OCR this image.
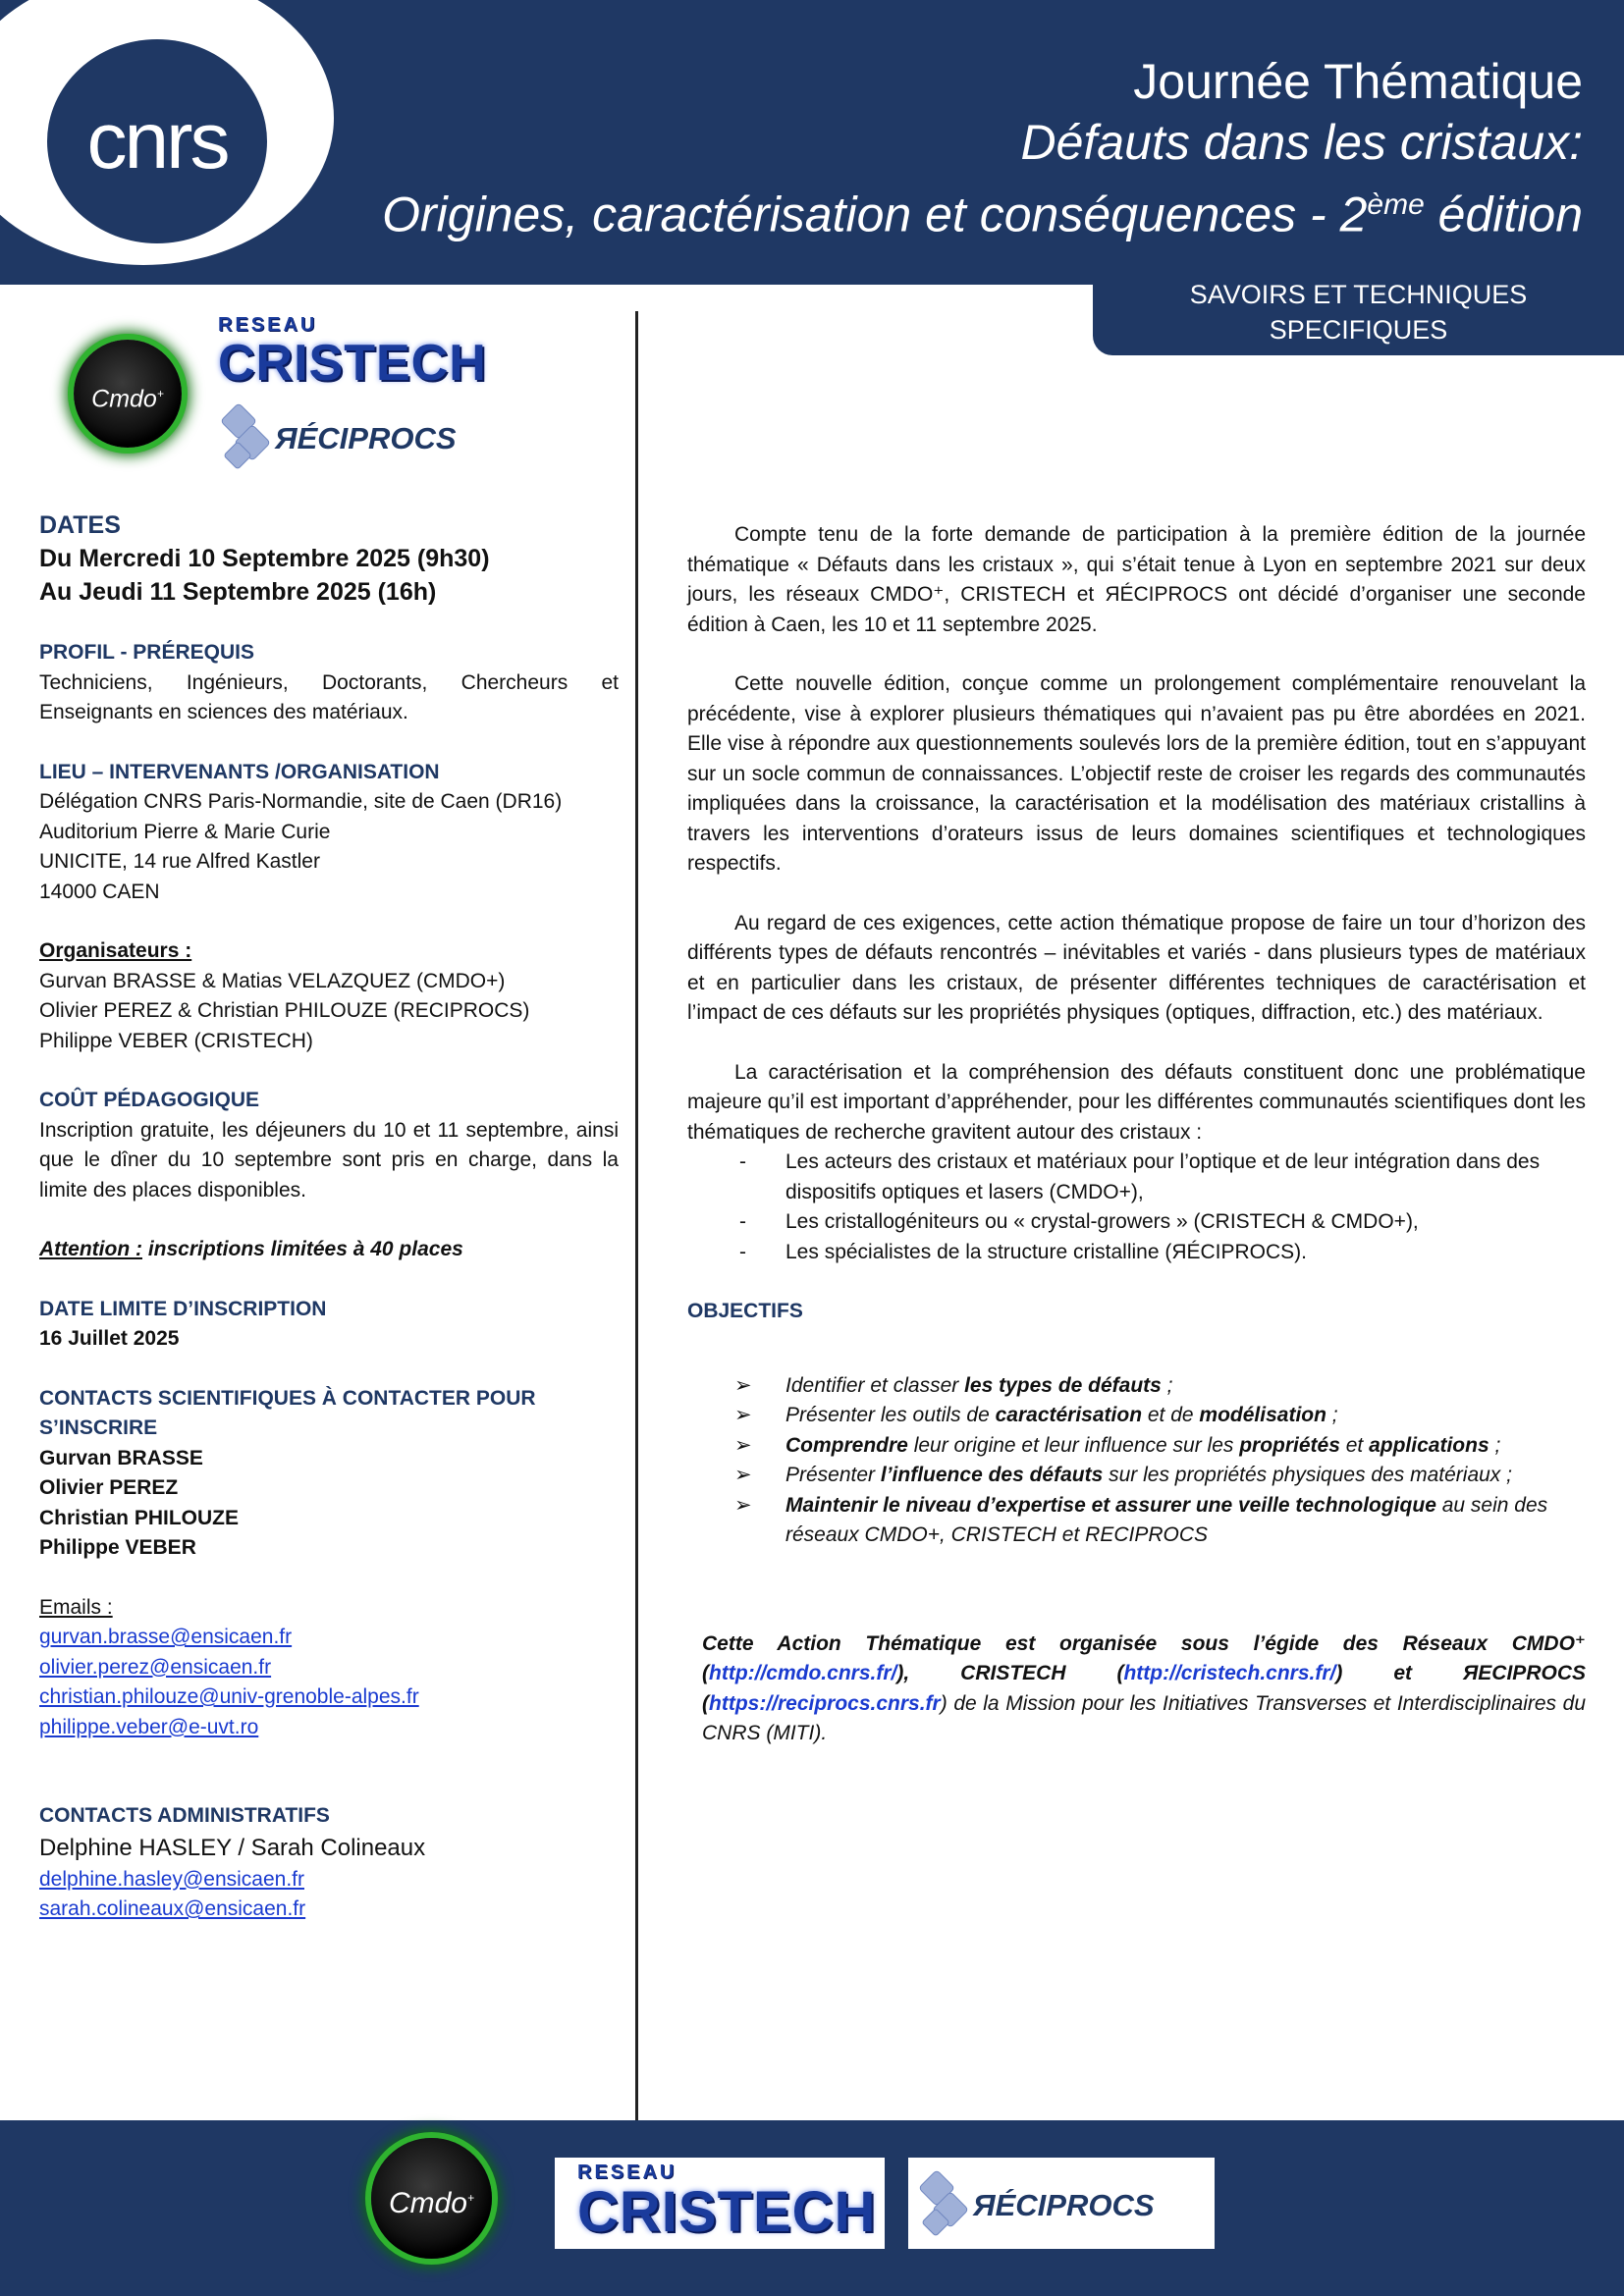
cnrs
Journée Thématique
Défauts dans les cristaux:
Origines, caractérisation et conséquences - 2ème édition
SAVOIRS ET TECHNIQUES
SPECIFIQUES
Cmdo+
RESEAU
CRISTECH
ЯÉCIPROCS
DATES
Du Mercredi 10 Septembre 2025 (9h30)
Au Jeudi 11 Septembre 2025 (16h)
PROFIL - PRÉREQUIS
Techniciens, Ingénieurs, Doctorants, Chercheurs et Enseignants en sciences des matériaux.
LIEU – INTERVENANTS /ORGANISATION
Délégation CNRS Paris-Normandie, site de Caen (DR16)
Auditorium Pierre & Marie Curie
UNICITE, 14 rue Alfred Kastler
14000 CAEN
Organisateurs :
Gurvan BRASSE & Matias VELAZQUEZ (CMDO+)
Olivier PEREZ & Christian PHILOUZE (RECIPROCS)
Philippe VEBER (CRISTECH)
COÛT PÉDAGOGIQUE
Inscription gratuite, les déjeuners du 10 et 11 septembre, ainsi que le dîner du 10 septembre sont pris en charge, dans la limite des places disponibles.
Attention : inscriptions limitées à 40 places
DATE LIMITE D’INSCRIPTION
16 Juillet 2025
CONTACTS SCIENTIFIQUES À CONTACTER POUR
S’INSCRIRE
Gurvan BRASSE
Olivier PEREZ
Christian PHILOUZE
Philippe VEBER
Emails :
gurvan.brasse@ensicaen.fr
olivier.perez@ensicaen.fr
christian.philouze@univ-grenoble-alpes.fr
philippe.veber@e-uvt.ro
CONTACTS ADMINISTRATIFS
Delphine HASLEY / Sarah Colineaux
delphine.hasley@ensicaen.fr
sarah.colineaux@ensicaen.fr

Compte tenu de la forte demande de participation à la première édition de la journée thématique « Défauts dans les cristaux », qui s’était tenue à Lyon en septembre 2021 sur deux jours, les réseaux CMDO⁺, CRISTECH et ЯÉCIPROCS ont décidé d’organiser une seconde édition à Caen, les 10 et 11 septembre 2025.

Cette nouvelle édition, conçue comme un prolongement complémentaire renouvelant la précédente, vise à explorer plusieurs thématiques qui n’avaient pas pu être abordées en 2021. Elle vise à répondre aux questionnements soulevés lors de la première édition, tout en s’appuyant sur un socle commun de connaissances. L’objectif reste de croiser les regards des communautés impliquées dans la croissance, la caractérisation et la modélisation des matériaux cristallins à travers les interventions d’orateurs issus de leurs domaines scientifiques et technologiques respectifs.

Au regard de ces exigences, cette action thématique propose de faire un tour d’horizon des différents types de défauts rencontrés – inévitables et variés - dans plusieurs types de matériaux et en particulier dans les cristaux, de présenter différentes techniques de caractérisation et l’impact de ces défauts sur les propriétés physiques (optiques, diffraction, etc.) des matériaux.

La caractérisation et la compréhension des défauts constituent donc une problématique majeure qu’il est important d’appréhender, pour les différentes communautés scientifiques dont les thématiques de recherche gravitent autour des cristaux :

- Les acteurs des cristaux et matériaux pour l’optique et de leur intégration dans des dispositifs optiques et lasers (CMDO+),
- Les cristallogéniteurs ou « crystal-growers » (CRISTECH & CMDO+),
- Les spécialistes de la structure cristalline (ЯÉCIPROCS).
OBJECTIFS
➢ Identifier et classer les types de défauts ;
➢ Présenter les outils de caractérisation et de modélisation ;
➢ Comprendre leur origine et leur influence sur les propriétés et applications ;
➢ Présenter l’influence des défauts sur les propriétés physiques des matériaux ;
➢ Maintenir le niveau d’expertise et assurer une veille technologique au sein des réseaux CMDO+, CRISTECH et RECIPROCS
Cette Action Thématique est organisée sous l’égide des Réseaux CMDO⁺ (http://cmdo.cnrs.fr/), CRISTECH (http://cristech.cnrs.fr/) et ЯECIPROCS (https://reciprocs.cnrs.fr) de la Mission pour les Initiatives Transverses et Interdisciplinaires du CNRS (MITI).
Cmdo+
RESEAU
CRISTECH	ЯÉCIPROCS
